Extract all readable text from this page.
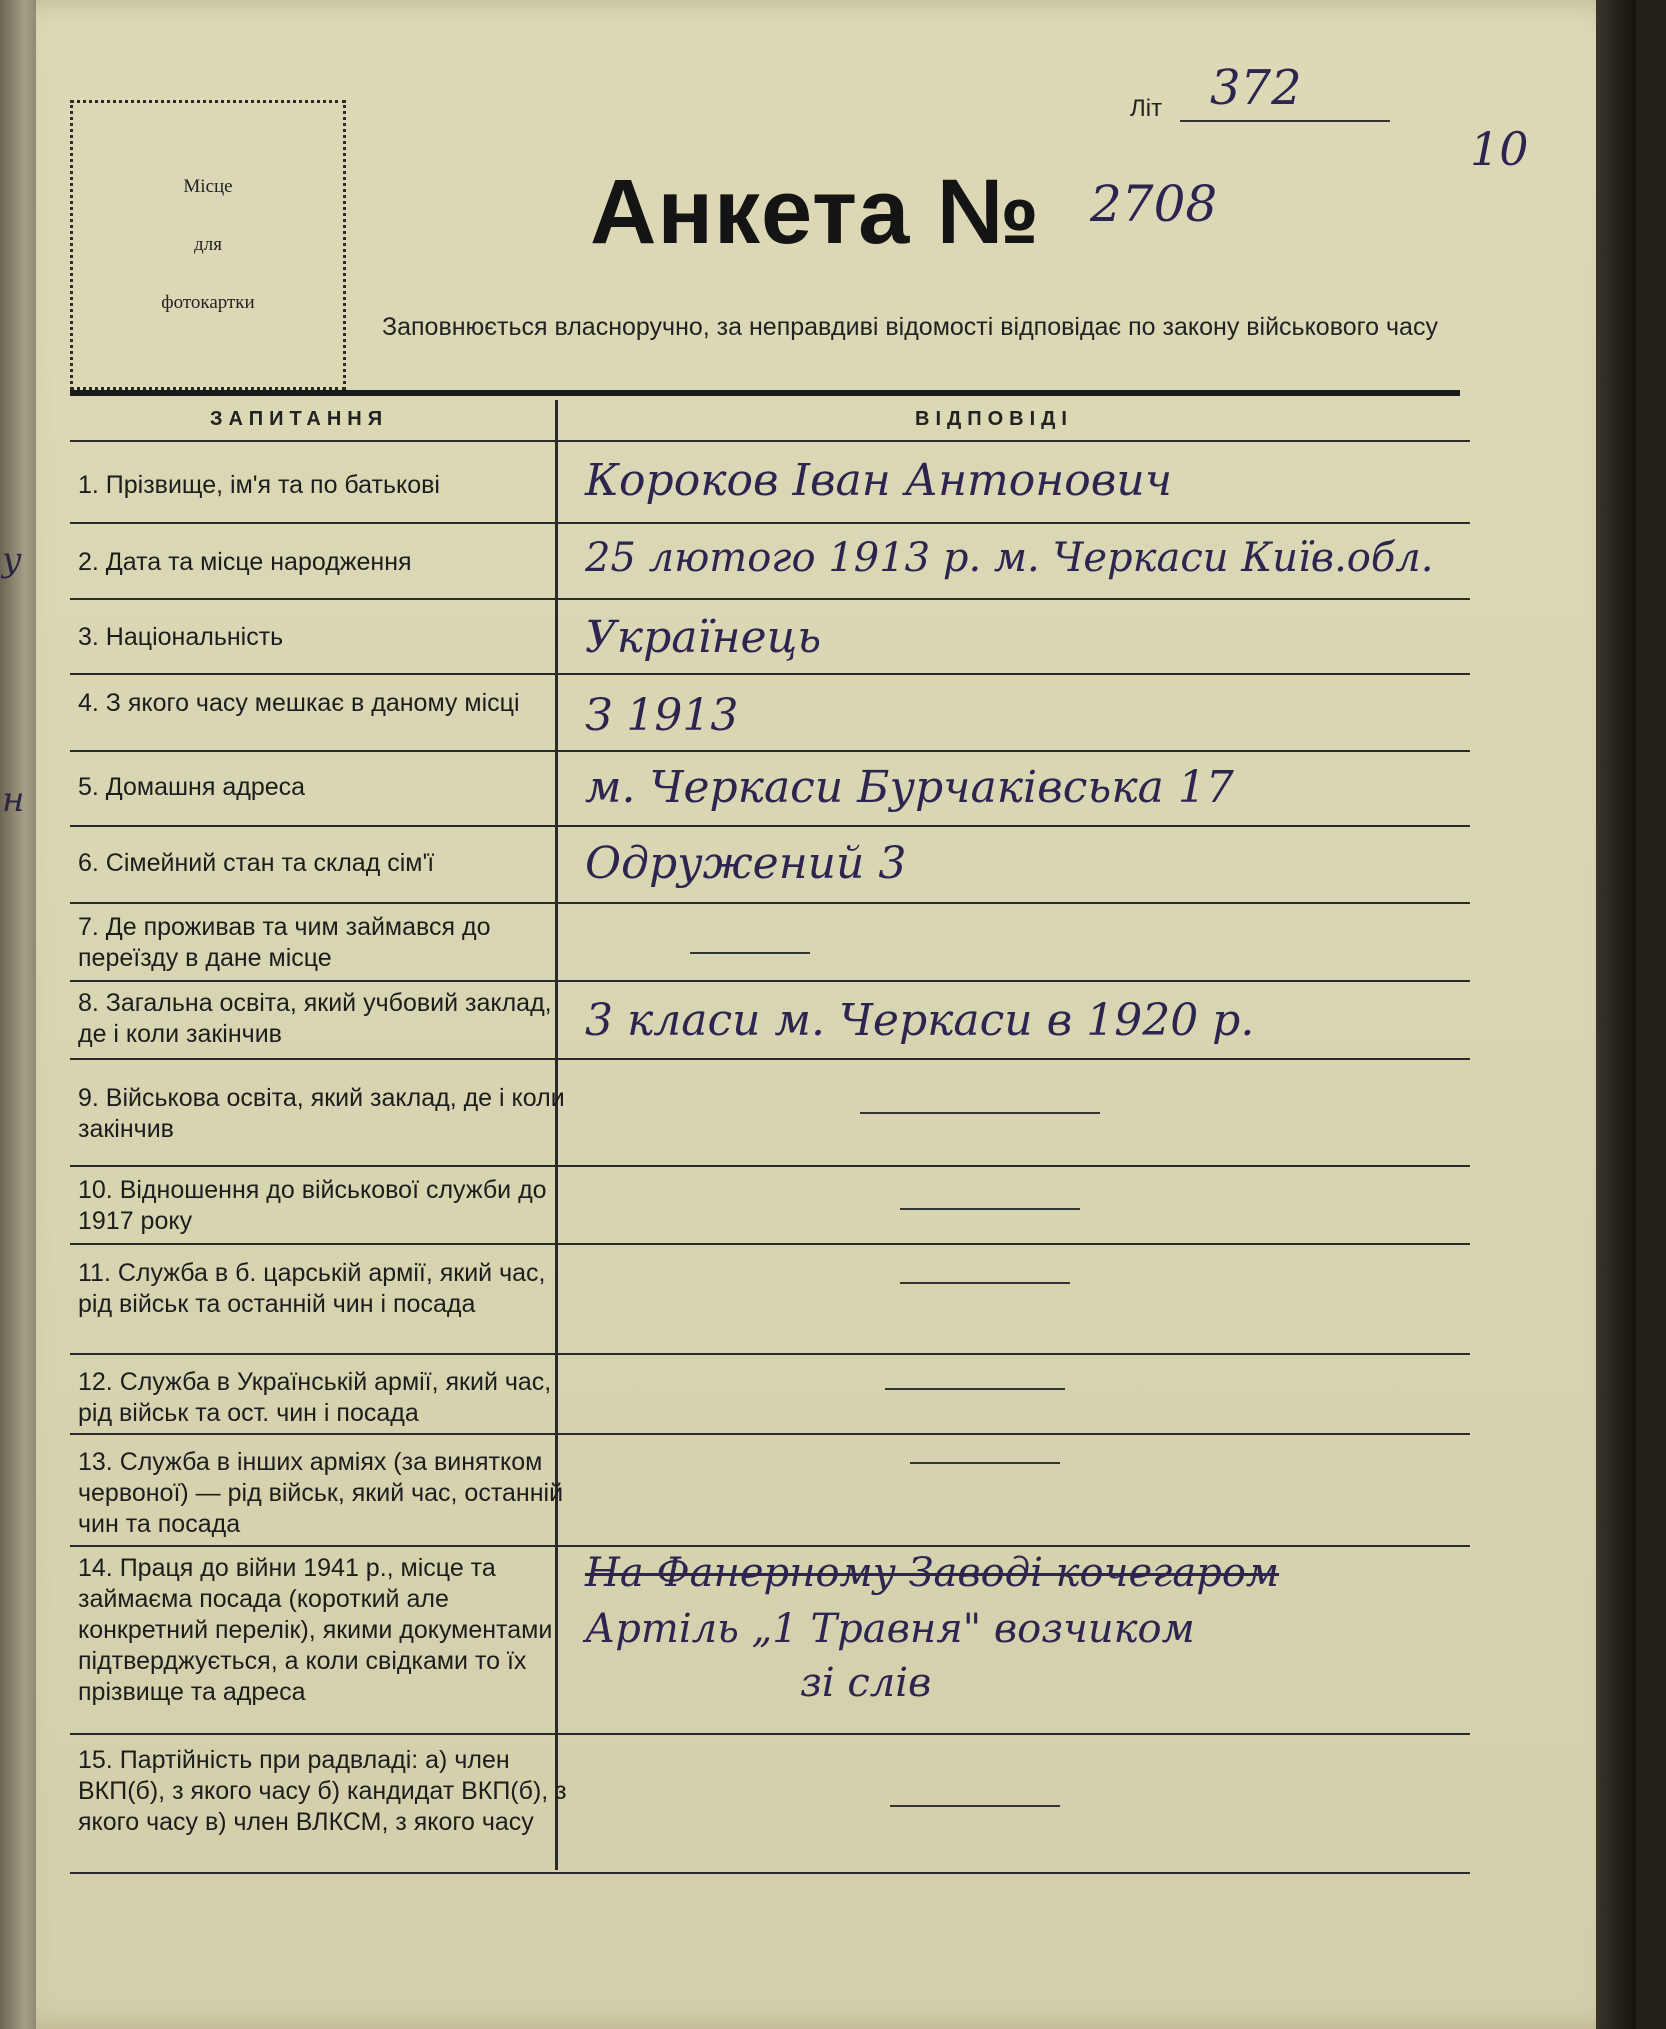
y
н
Місце
для
фотокартки
Літ 372
10
Анкета № 2708
Заповнюється власноручно, за неправдиві відомості відповідає по закону військового часу
ЗАПИТАННЯ	ВІДПОВІДІ
1. Прізвище, ім'я та по батькові	Короков Іван Антонович
2. Дата та місце народження	25 лютого 1913 р. м. Черкаси Київ.обл.
3. Національність	Українець
4. З якого часу мешкає в даному місці	З 1913
5. Домашня адреса	м. Черкаси Бурчаківська 17
6. Сімейний стан та склад сім'ї	Одружений 3
7. Де проживав та чим займався до переїзду в дане місце
8. Загальна освіта, який учбовий заклад, де і коли закінчив	3 класи м. Черкаси в 1920 р.
9. Військова освіта, який заклад, де і коли закінчив
10. Відношення до військової служби до 1917 року
11. Служба в б. царській армії, який час, рід військ та останній чин і посада
12. Служба в Українській армії, який час, рід військ та ост. чин і посада
13. Служба в інших арміях (за винятком червоної) — рід військ, який час, останній чин та посада
14. Праця до війни 1941 р., місце та займаєма посада (короткий але конкретний перелік), якими документами підтверджується, а коли свідками то їх прізвище та адреса
На Фанерному Заводі кочегаром
Артіль „1 Травня" возчиком
зі слів
15. Партійність при радвладі: а) член ВКП(б), з якого часу б) кандидат ВКП(б), з якого часу в) член ВЛКСМ, з якого часу
